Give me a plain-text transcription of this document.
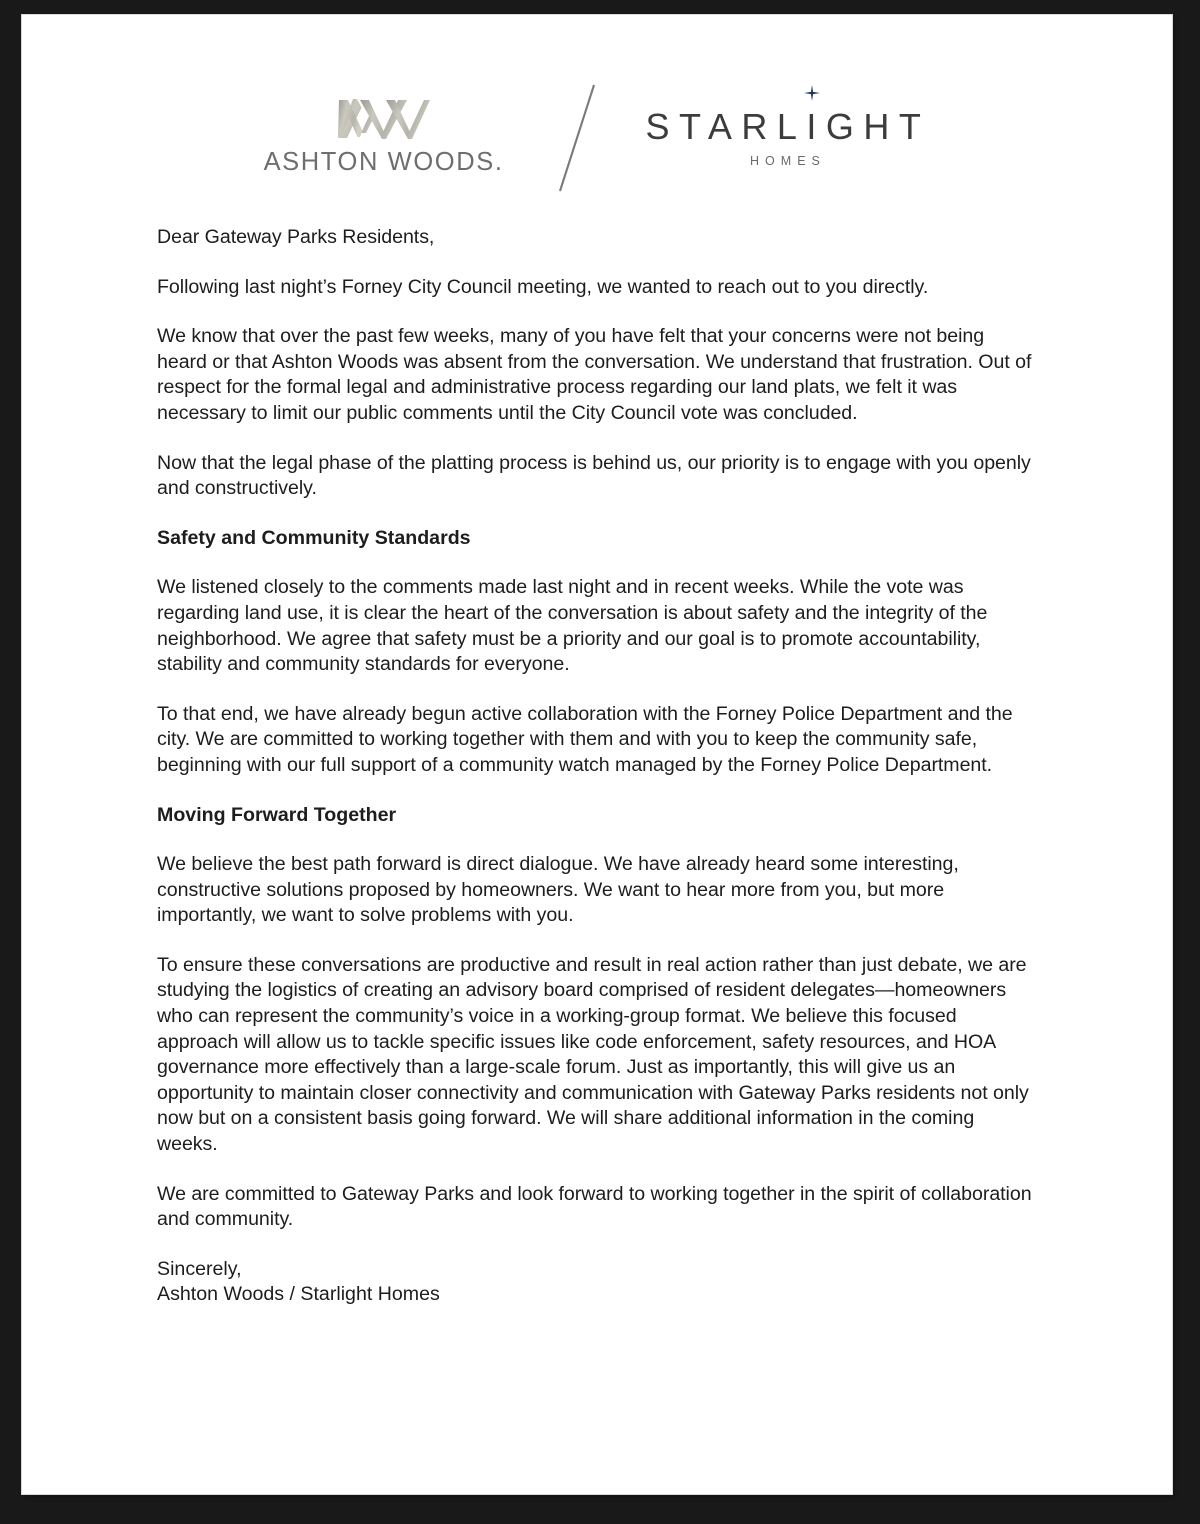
ASHTON WOODS.
STARLI
GHT
HOMES

Dear Gateway Parks Residents,

Following last night’s Forney City Council meeting, we wanted to reach out to you directly.

We know that over the past few weeks, many of you have felt that your concerns were not being heard or that Ashton Woods was absent from the conversation. We understand that frustration. Out of respect for the formal legal and administrative process regarding our land plats, we felt it was necessary to limit our public comments until the City Council vote was concluded.

Now that the legal phase of the platting process is behind us, our priority is to engage with you openly and constructively.

Safety and Community Standards

We listened closely to the comments made last night and in recent weeks. While the vote was regarding land use, it is clear the heart of the conversation is about safety and the integrity of the neighborhood. We agree that safety must be a priority and our goal is to promote accountability, stability and community standards for everyone.

To that end, we have already begun active collaboration with the Forney Police Department and the city. We are committed to working together with them and with you to keep the community safe, beginning with our full support of a community watch managed by the Forney Police Department.

Moving Forward Together

We believe the best path forward is direct dialogue. We have already heard some interesting, constructive solutions proposed by homeowners. We want to hear more from you, but more importantly, we want to solve problems with you.

To ensure these conversations are productive and result in real action rather than just debate, we are studying the logistics of creating an advisory board comprised of resident delegates—homeowners who can represent the community’s voice in a working-group format. We believe this focused approach will allow us to tackle specific issues like code enforcement, safety resources, and HOA governance more effectively than a large-scale forum. Just as importantly, this will give us an opportunity to maintain closer connectivity and communication with Gateway Parks residents not only now but on a consistent basis going forward. We will share additional information in the coming weeks.

We are committed to Gateway Parks and look forward to working together in the spirit of collaboration and community.

Sincerely,
Ashton Woods / Starlight Homes
